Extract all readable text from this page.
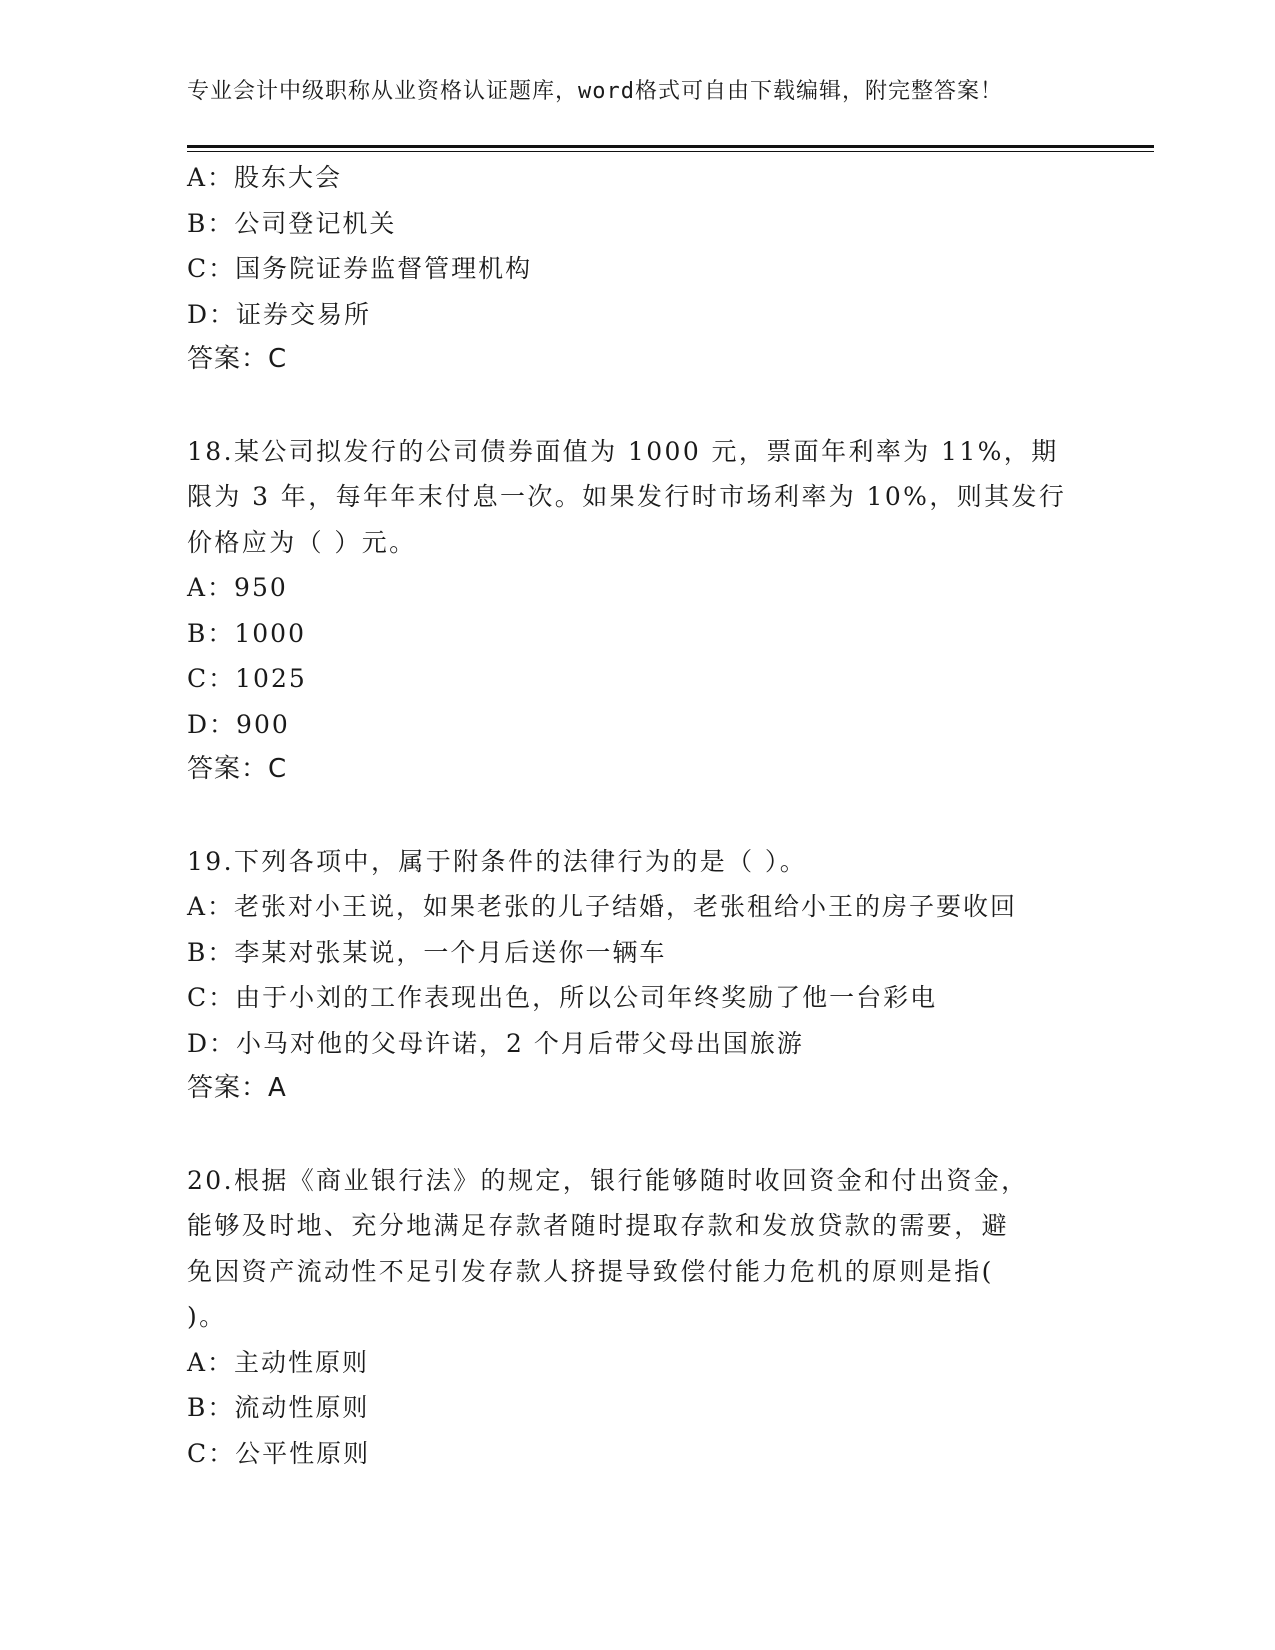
专业会计中级职称从业资格认证题库，word格式可自由下载编辑，附完整答案！
A：股东大会
B：公司登记机关
C：国务院证券监督管理机构
D：证券交易所
答案：C
18.某公司拟发行的公司债券面值为 1000 元，票面年利率为 11%，期
限为 3 年，每年年末付息一次。如果发行时市场利率为 10%，则其发行
价格应为（ ）元。
A：950
B：1000
C：1025
D：900
答案：C
19.下列各项中，属于附条件的法律行为的是（ ）。
A：老张对小王说，如果老张的儿子结婚，老张租给小王的房子要收回
B：李某对张某说，一个月后送你一辆车
C：由于小刘的工作表现出色，所以公司年终奖励了他一台彩电
D：小马对他的父母许诺，2 个月后带父母出国旅游
答案：A
20.根据《商业银行法》的规定，银行能够随时收回资金和付出资金，
能够及时地、充分地满足存款者随时提取存款和发放贷款的需要，避
免因资产流动性不足引发存款人挤提导致偿付能力危机的原则是指(
)。
A：主动性原则
B：流动性原则
C：公平性原则
